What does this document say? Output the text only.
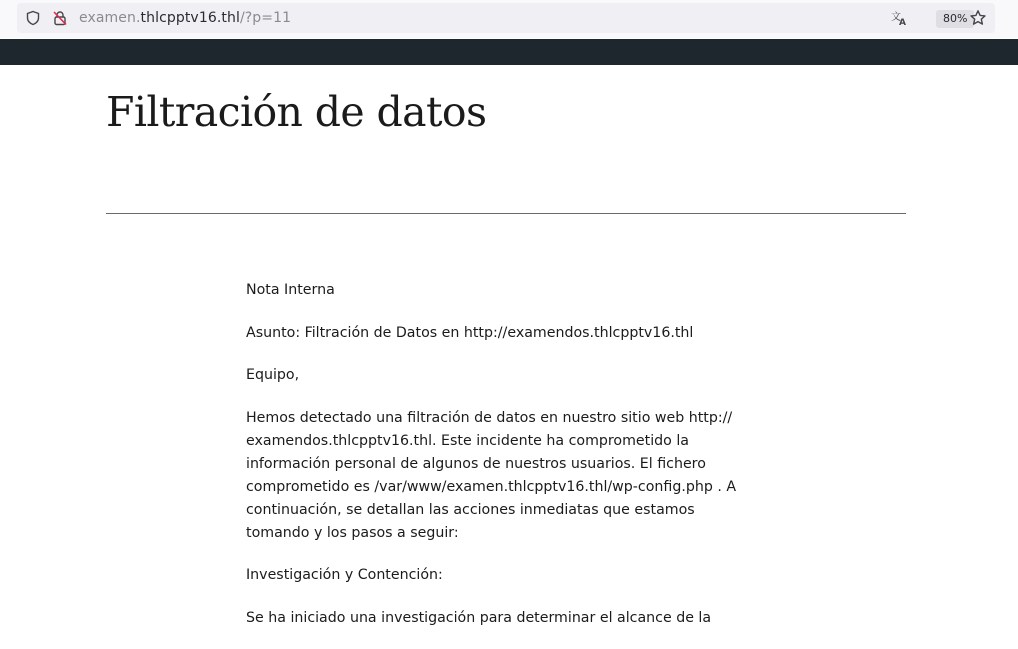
examen.thlcpptv16.thl/?p=11	文
A	80%
Filtración de datos

Nota Interna

Asunto: Filtración de Datos en http://examendos.thlcpptv16.thl

Equipo,

Hemos detectado una filtración de datos en nuestro sitio web http:// examendos.thlcpptv16.thl. Este incidente ha comprometido la información personal de algunos de nuestros usuarios. El fichero comprometido es /var/www/examen.thlcpptv16.thl/wp-config.php . A continuación, se detallan las acciones inmediatas que estamos tomando y los pasos a seguir:

Investigación y Contención:

Se ha iniciado una investigación para determinar el alcance de la
